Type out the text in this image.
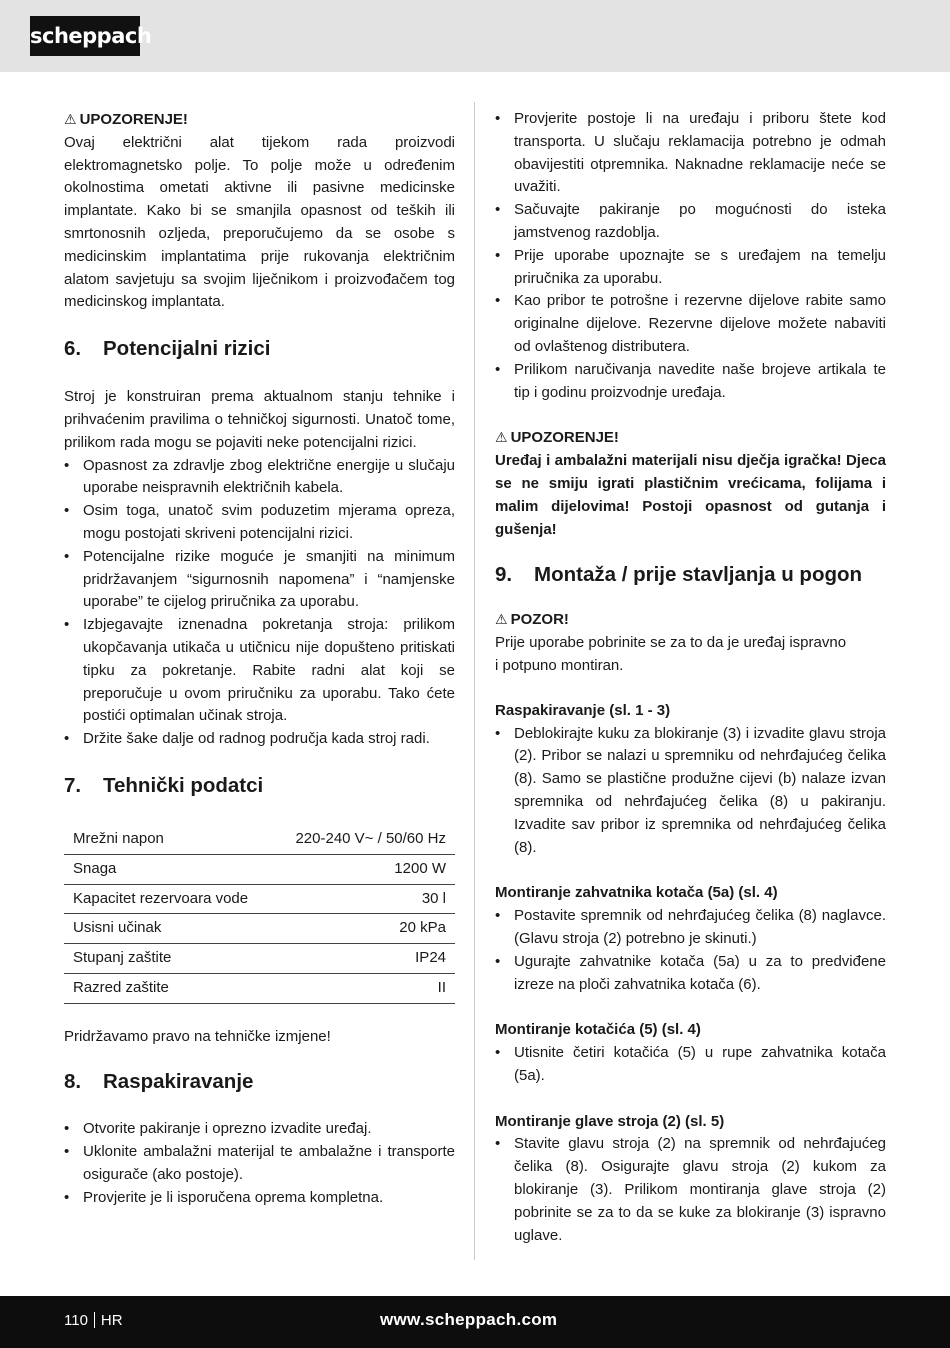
scheppach

⚠ UPOZORENJE!

Ovaj električni alat tijekom rada proizvodi elektromagnetsko polje. To polje može u određenim okolnostima ometati aktivne ili pasivne medicinske implantate. Kako bi se smanjila opasnost od teških ili smrtonosnih ozljeda, preporučujemo da se osobe s medicinskim implantatima prije rukovanja električnim alatom savjetuju sa svojim liječnikom i proizvođačem tog medicinskog implantata.

6.	Potencijalni rizici

Stroj je konstruiran prema aktualnom stanju tehnike i prihvaćenim pravilima o tehničkoj sigurnosti. Unatoč tome, prilikom rada mogu se pojaviti neke potencijalni rizici.

• Opasnost za zdravlje zbog električne energije u slučaju uporabe neispravnih električnih kabela.
• Osim toga, unatoč svim poduzetim mjerama opreza, mogu postojati skriveni potencijalni rizici.
• Potencijalne rizike moguće je smanjiti na minimum pridržavanjem “sigurnosnih napomena” i “namjenske uporabe” te cijelog priručnika za uporabu.
• Izbjegavajte iznenadna pokretanja stroja: prilikom ukopčavanja utikača u utičnicu nije dopušteno pritiskati tipku za pokretanje. Rabite radni alat koji se preporučuje u ovom priručniku za uporabu. Tako ćete postići optimalan učinak stroja.
• Držite šake dalje od radnog područja kada stroj radi.
7.	Tehnički podatci
Mrežni napon	220-240 V~ / 50/60 Hz
Snaga	1200 W
Kapacitet rezervoara vode	30 l
Usisni učinak	20 kPa
Stupanj zaštite	IP24
Razred zaštite	II

Pridržavamo pravo na tehničke izmjene!

8.	Raspakiravanje
• Otvorite pakiranje i oprezno izvadite uređaj.
• Uklonite ambalažni materijal te ambalažne i transporte osigurače (ako postoje).
• Provjerite je li isporučena oprema kompletna.
• Provjerite postoje li na uređaju i priboru štete kod transporta. U slučaju reklamacija potrebno je odmah obavijestiti otpremnika. Naknadne reklamacije neće se uvažiti.
• Sačuvajte pakiranje po mogućnosti do isteka jamstvenog razdoblja.
• Prije uporabe upoznajte se s uređajem na temelju priručnika za uporabu.
• Kao pribor te potrošne i rezervne dijelove rabite samo originalne dijelove. Rezervne dijelove možete nabaviti od ovlaštenog distributera.
• Prilikom naručivanja navedite naše brojeve artikala te tip i godinu proizvodnje uređaja.

⚠ UPOZORENJE!

Uređaj i ambalažni materijali nisu dječja igračka! Djeca se ne smiju igrati plastičnim vrećicama, folijama i malim dijelovima! Postoji opasnost od gutanja i gušenja!

9.	Montaža / prije stavljanja u pogon

⚠ POZOR!

Prije uporabe pobrinite se za to da je uređaj ispravno

i potpuno montiran.

Raspakiravanje (sl. 1 - 3)

• Deblokirajte kuku za blokiranje (3) i izvadite glavu stroja (2). Pribor se nalazi u spremniku od nehrđajućeg čelika (8). Samo se plastične produžne cijevi (b) nalaze izvan spremnika od nehrđajućeg čelika (8) u pakiranju. Izvadite sav pribor iz spremnika od nehrđajućeg čelika (8).

Montiranje zahvatnika kotača (5a) (sl. 4)

• Postavite spremnik od nehrđajućeg čelika (8) naglavce. (Glavu stroja (2) potrebno je skinuti.)
• Ugurajte zahvatnike kotača (5a) u za to predviđene izreze na ploči zahvatnika kotača (6).

Montiranje kotačića (5) (sl. 4)

• Utisnite četiri kotačića (5) u rupe zahvatnika kotača (5a).

Montiranje glave stroja (2) (sl. 5)

• Stavite glavu stroja (2) na spremnik od nehrđajućeg čelika (8). Osigurajte glavu stroja (2) kukom za blokiranje (3). Prilikom montiranja glave stroja (2) pobrinite se za to da se kuke za blokiranje (3) ispravno uglave.
110 HR	www.scheppach.com
